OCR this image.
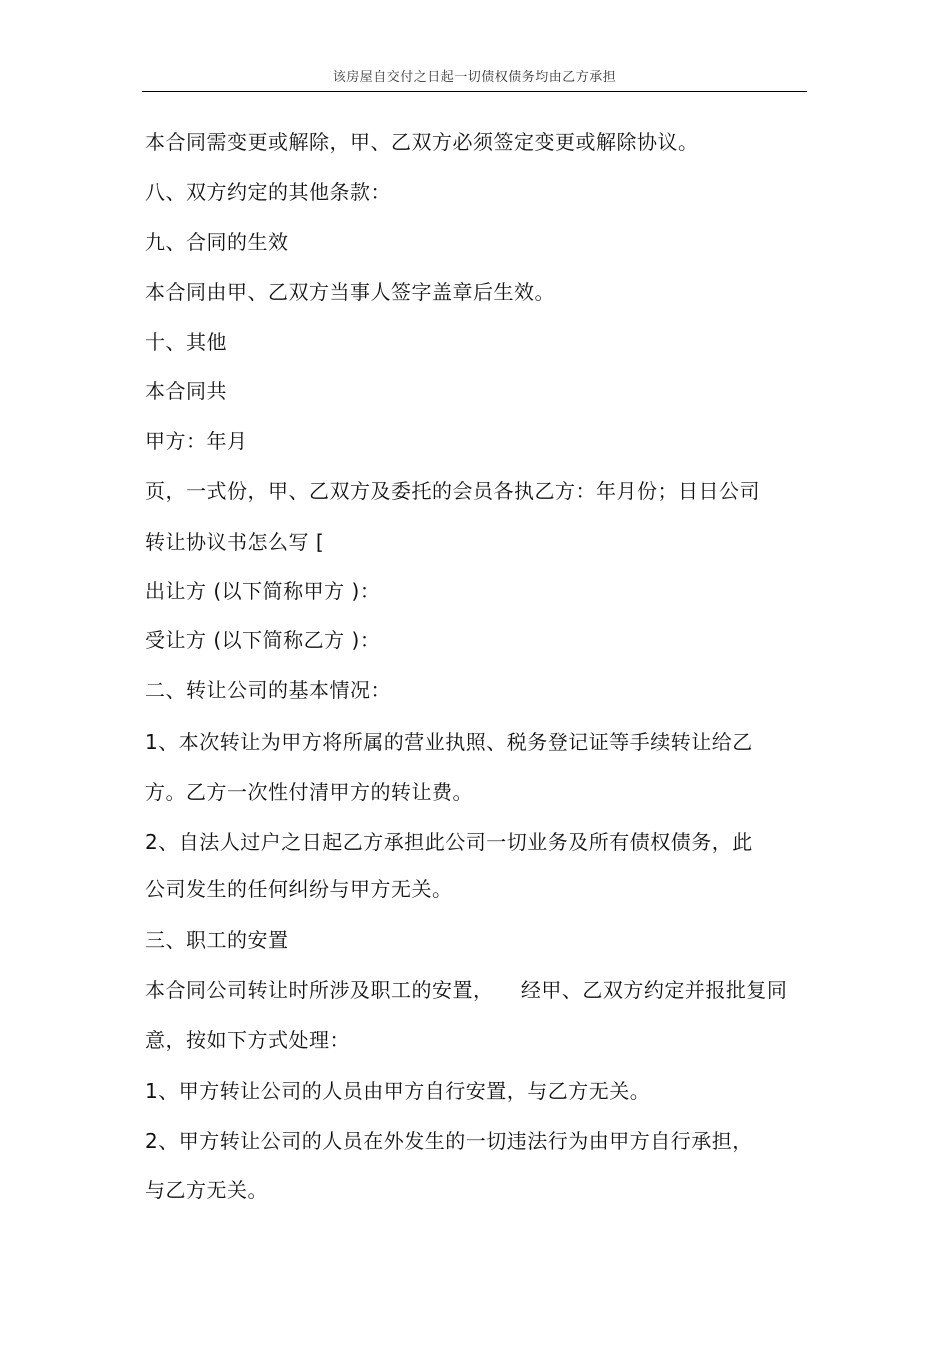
该房屋自交付之日起一切债权债务均由乙方承担
本合同需变更或解除，甲、乙双方必须签定变更或解除协议。
八、双方约定的其他条款：
九、合同的生效
本合同由甲、乙双方当事人签字盖章后生效。
十、其他
本合同共
甲方：年月
页，一式份，甲、乙双方及委托的会员各执乙方：年月份；日日公司
转让协议书怎么写 [
出让方 (以下简称甲方 )：
受让方 (以下简称乙方 )：
二、转让公司的基本情况：
1、本次转让为甲方将所属的营业执照、税务登记证等手续转让给乙
方。乙方一次性付清甲方的转让费。
2、自法人过户之日起乙方承担此公司一切业务及所有债权债务，此
公司发生的任何纠纷与甲方无关。
三、职工的安置
本合同公司转让时所涉及职工的安置，    经甲、乙双方约定并报批复同
意，按如下方式处理：
1、甲方转让公司的人员由甲方自行安置，与乙方无关。
2、甲方转让公司的人员在外发生的一切违法行为由甲方自行承担，
与乙方无关。
